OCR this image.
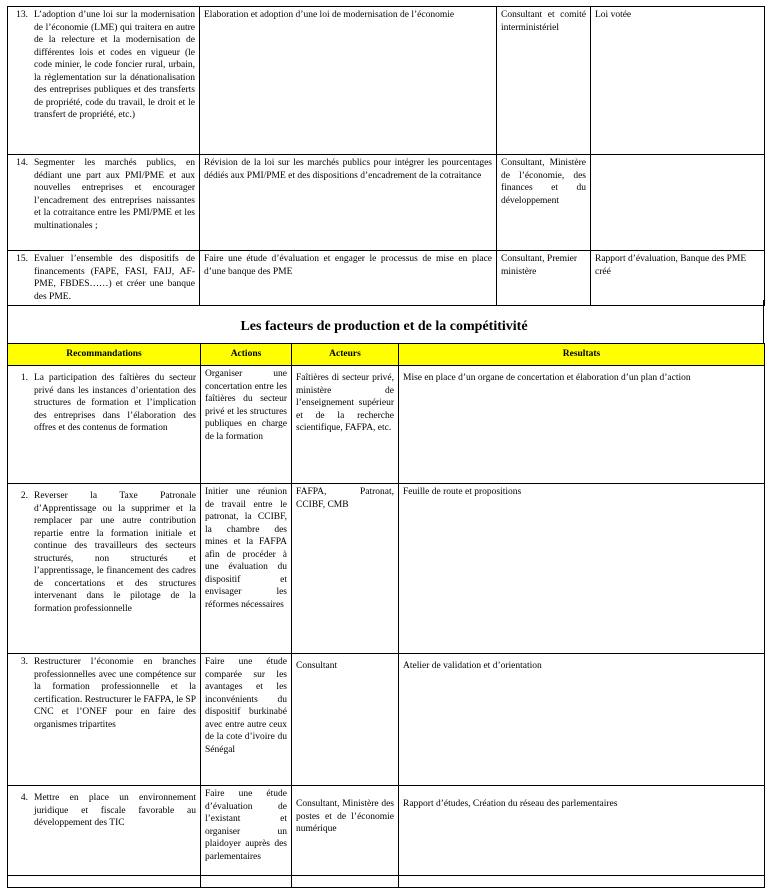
13. L’adoption d’une loi sur la modernisation de l’économie (LME) qui traitera en autre de la relecture et la modernisation de différentes lois et codes en vigueur (le code minier, le code foncier rural, urbain, la règlementation sur la dénationalisation des entreprises publiques et des transferts de propriété, code du travail, le droit et le transfert de propriété, etc.)	Elaboration et adoption d’une loi de modernisation de l’économie	Consultant et comité interministériel	Loi votée
14. Segmenter les marchés publics, en dédiant une part aux PMI/PME et aux nouvelles entreprises et encourager l’encadrement des entreprises naissantes et la cotraitance entre les PMI/PME et les multinationales ;	Révision de la loi sur les marchés publics pour intégrer les pourcentages dédiés aux PMI/PME et des dispositions d’encadrement de la cotraitance	Consultant, Ministère de l’économie, des finances et du développement	
15. Evaluer l’ensemble des dispositifs de financements (FAPE, FASI, FAIJ, AF-PME, FBDES……) et créer une banque des PME.	Faire une étude d’évaluation et engager le processus de mise en place d’une banque des PME	Consultant, Premier ministère	Rapport d’évaluation, Banque des PME créé
Les facteurs de production et de la compétitivité
Recommandations	Actions	Acteurs	Resultats
1. La participation des faîtières du secteur privé dans les instances d’orientation des structures de formation et l’implication des entreprises dans l’élaboration des offres et des contenus de formation	Organiser une concertation entre les faîtières du secteur privé et les structures publiques en charge de la formation	Faîtières di secteur privé, ministère de l’enseignement supérieur et de la recherche scientifique, FAFPA, etc.	Mise en place d’un organe de concertation et élaboration d’un plan d’action
2. Reverser la Taxe Patronale d’Apprentissage ou la supprimer et la remplacer par une autre contribution repartie entre la formation initiale et continue des travailleurs des secteurs structurés, non structurés et l’apprentissage, le financement des cadres de concertations et des structures intervenant dans le pilotage de la formation professionnelle	Initier une réunion de travail entre le patronat, la CCIBF, la chambre des mines et la FAFPA afin de procéder à une évaluation du dispositif et envisager les réformes nécessaires	FAFPA, Patronat, CCIBF, CMB	Feuille de route et propositions
3. Restructurer l’économie en branches professionnelles avec une compétence sur la formation professionnelle et la certification. Restructurer le FAFPA, le SP CNC et l’ONEF pour en faire des organismes tripartites	Faire une étude comparée sur les avantages et les inconvénients du dispositif burkinabé avec entre autre ceux de la cote d’ivoire du Sénégal	Consultant	Atelier de validation et d’orientation
4. Mettre en place un environnement juridique et fiscale favorable au développement des TIC	Faire une étude d’évaluation de l’existant et organiser un plaidoyer auprès des parlementaires	Consultant, Ministère des postes et de l’économie numérique	Rapport d’études, Création du réseau des parlementaires
